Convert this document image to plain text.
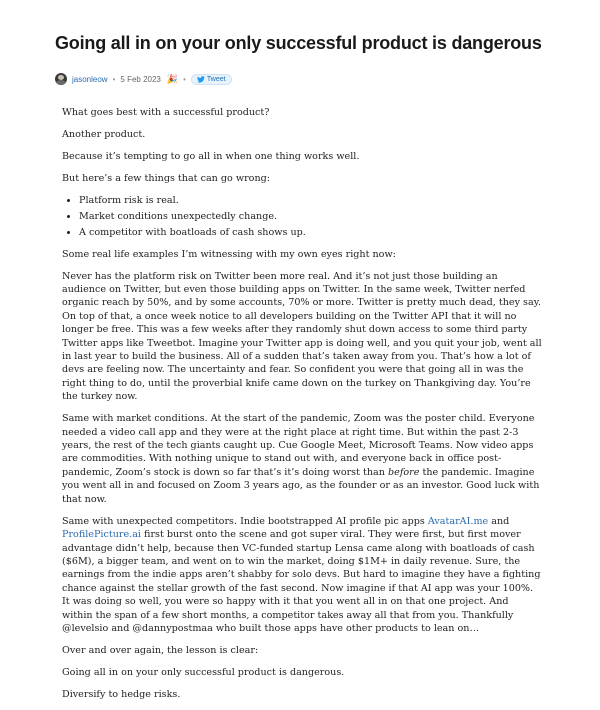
Going all in on your only successful product is dangerous
jasonleow • 5 Feb 2023 🎉 •	Tweet

What goes best with a successful product?

Another product.

Because it’s tempting to go all in when one thing works well.

But here’s a few things that can go wrong:

• Platform risk is real.
• Market conditions unexpectedly change.
• A competitor with boatloads of cash shows up.

Some real life examples I’m witnessing with my own eyes right now:

Never has the platform risk on Twitter been more real. And it’s not just those building an audience on Twitter, but even those building apps on Twitter. In the same week, Twitter nerfed organic reach by 50%, and by some accounts, 70% or more. Twitter is pretty much dead, they say. On top of that, a once week notice to all developers building on the Twitter API that it will no longer be free. This was a few weeks after they randomly shut down access to some third party Twitter apps like Tweetbot. Imagine your Twitter app is doing well, and you quit your job, went all in last year to build the business. All of a sudden that’s taken away from you. That’s how a lot of devs are feeling now. The uncertainty and fear. So confident you were that going all in was the right thing to do, until the proverbial knife came down on the turkey on Thankgiving day. You’re the turkey now.

Same with market conditions. At the start of the pandemic, Zoom was the poster child. Everyone needed a video call app and they were at the right place at right time. But within the past 2-3 years, the rest of the tech giants caught up. Cue Google Meet, Microsoft Teams. Now video apps are commodities. With nothing unique to stand out with, and everyone back in office post-pandemic, Zoom’s stock is down so far that’s it’s doing worst than before the pandemic. Imagine you went all in and focused on Zoom 3 years ago, as the founder or as an investor. Good luck with that now.

Same with unexpected competitors. Indie bootstrapped AI profile pic apps AvatarAI.me and ProfilePicture.ai first burst onto the scene and got super viral. They were first, but first mover advantage didn’t help, because then VC-funded startup Lensa came along with boatloads of cash ($6M), a bigger team, and went on to win the market, doing $1M+ in daily revenue. Sure, the earnings from the indie apps aren’t shabby for solo devs. But hard to imagine they have a fighting chance against the stellar growth of the fast second. Now imagine if that AI app was your 100%. It was doing so well, you were so happy with it that you went all in on that one project. And within the span of a few short months, a competitor takes away all that from you. Thankfully @levelsio and @dannypostmaa who built those apps have other products to lean on…

Over and over again, the lesson is clear:

Going all in on your only successful product is dangerous.

Diversify to hedge risks.
